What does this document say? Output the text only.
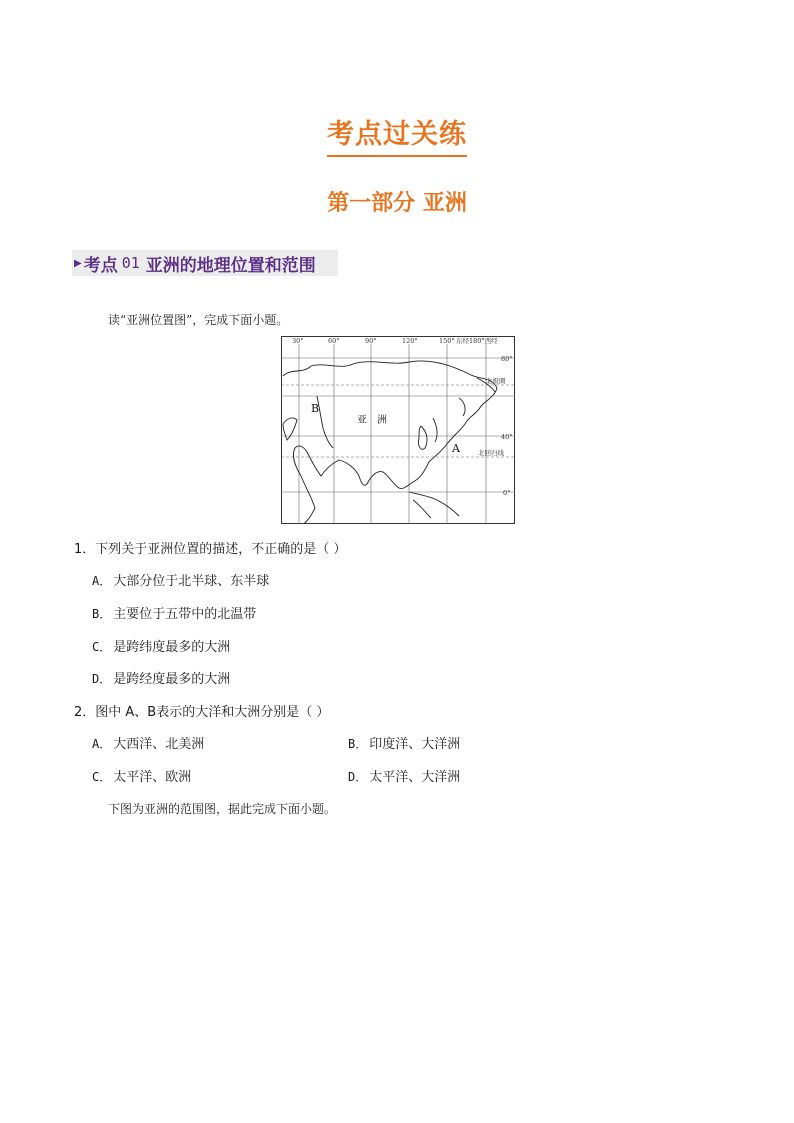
考点过关练
第一部分 亚洲
▶ 考点 01 亚洲的地理位置和范围
读“亚洲位置图”，完成下面小题。
30°	60°	90°	120°	150° 东经180°西经
80°
北极圈
40°
北回归线
0°
B
亚　洲
A
1．下列关于亚洲位置的描述，不正确的是（ ）
A． 大部分位于北半球、东半球
B． 主要位于五带中的北温带
C． 是跨纬度最多的大洲
D． 是跨经度最多的大洲
2．图中 A、B表示的大洋和大洲分别是（ ）
A． 大西洋、北美洲	B． 印度洋、大洋洲
C． 太平洋、欧洲	D． 太平洋、大洋洲
下图为亚洲的范围图，据此完成下面小题。
